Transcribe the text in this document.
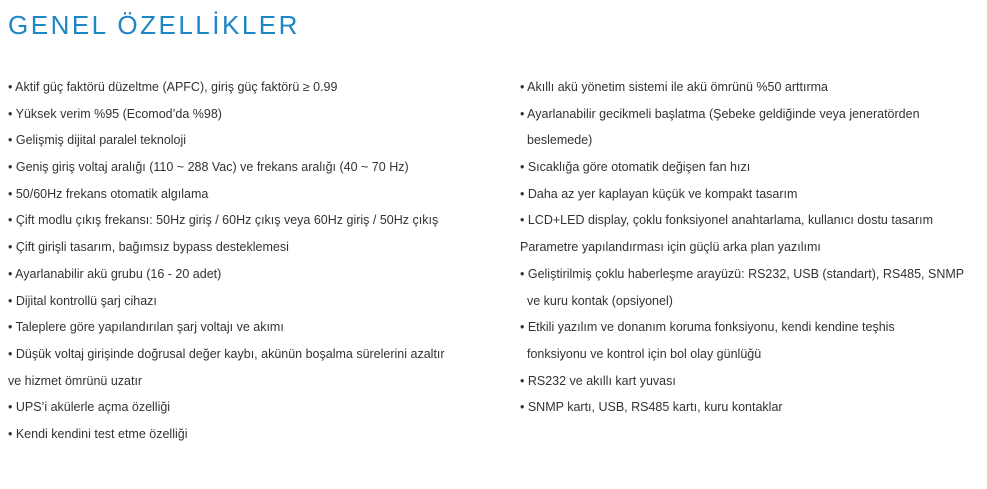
GENEL ÖZELLİKLER
• Aktif güç faktörü düzeltme (APFC), giriş güç faktörü ≥ 0.99
• Yüksek verim %95 (Ecomod’da %98)
• Gelişmiş dijital paralel teknoloji
• Geniş giriş voltaj aralığı (110 ~ 288 Vac) ve frekans aralığı (40 ~ 70 Hz)
• 50/60Hz frekans otomatik algılama
• Çift modlu çıkış frekansı: 50Hz giriş / 60Hz çıkış veya 60Hz giriş / 50Hz çıkış
• Çift girişli tasarım, bağımsız bypass desteklemesi
• Ayarlanabilir akü grubu (16 - 20 adet)
• Dijital kontrollü şarj cihazı
• Taleplere göre yapılandırılan şarj voltajı ve akımı
• Düşük voltaj girişinde doğrusal değer kaybı, akünün boşalma sürelerini azaltır
ve hizmet ömrünü uzatır
• UPS’i akülerle açma özelliği
• Kendi kendini test etme özelliği
• Akıllı akü yönetim sistemi ile akü ömrünü %50 arttırma
• Ayarlanabilir gecikmeli başlatma (Şebeke geldiğinde veya jeneratörden
beslemede)
• Sıcaklığa göre otomatik değişen fan hızı
• Daha az yer kaplayan küçük ve kompakt tasarım
• LCD+LED display, çoklu fonksiyonel anahtarlama, kullanıcı dostu tasarım
Parametre yapılandırması için güçlü arka plan yazılımı
• Geliştirilmiş çoklu haberleşme arayüzü: RS232, USB (standart), RS485, SNMP
ve kuru kontak (opsiyonel)
• Etkili yazılım ve donanım koruma fonksiyonu, kendi kendine teşhis
fonksiyonu ve kontrol için bol olay günlüğü
• RS232 ve akıllı kart yuvası
• SNMP kartı, USB, RS485 kartı, kuru kontaklar
